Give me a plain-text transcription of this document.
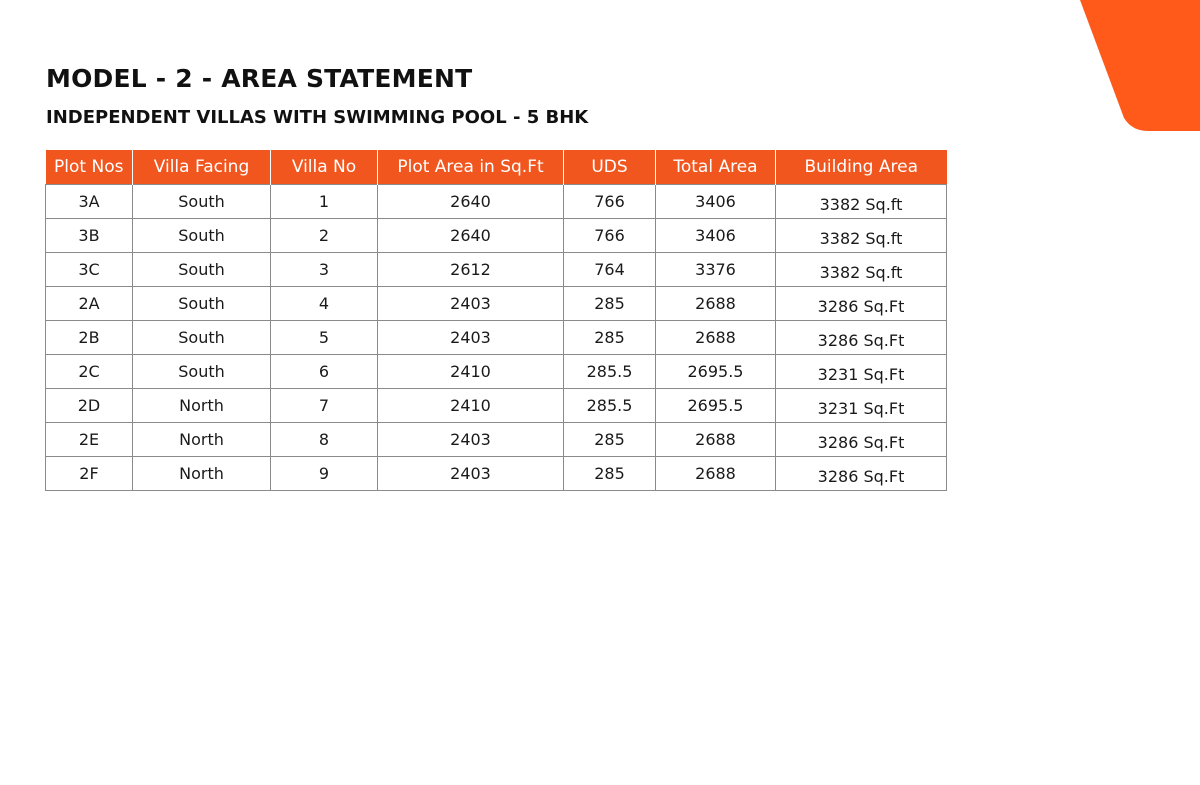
MODEL - 2 - AREA STATEMENT
INDEPENDENT VILLAS WITH SWIMMING POOL - 5 BHK
Plot Nos	Villa Facing	Villa No	Plot Area in Sq.Ft	UDS	Total Area	Building Area
3A	South	1	2640	766	3406	3382 Sq.ft
3B	South	2	2640	766	3406	3382 Sq.ft
3C	South	3	2612	764	3376	3382 Sq.ft
2A	South	4	2403	285	2688	3286 Sq.Ft
2B	South	5	2403	285	2688	3286 Sq.Ft
2C	South	6	2410	285.5	2695.5	3231 Sq.Ft
2D	North	7	2410	285.5	2695.5	3231 Sq.Ft
2E	North	8	2403	285	2688	3286 Sq.Ft
2F	North	9	2403	285	2688	3286 Sq.Ft
